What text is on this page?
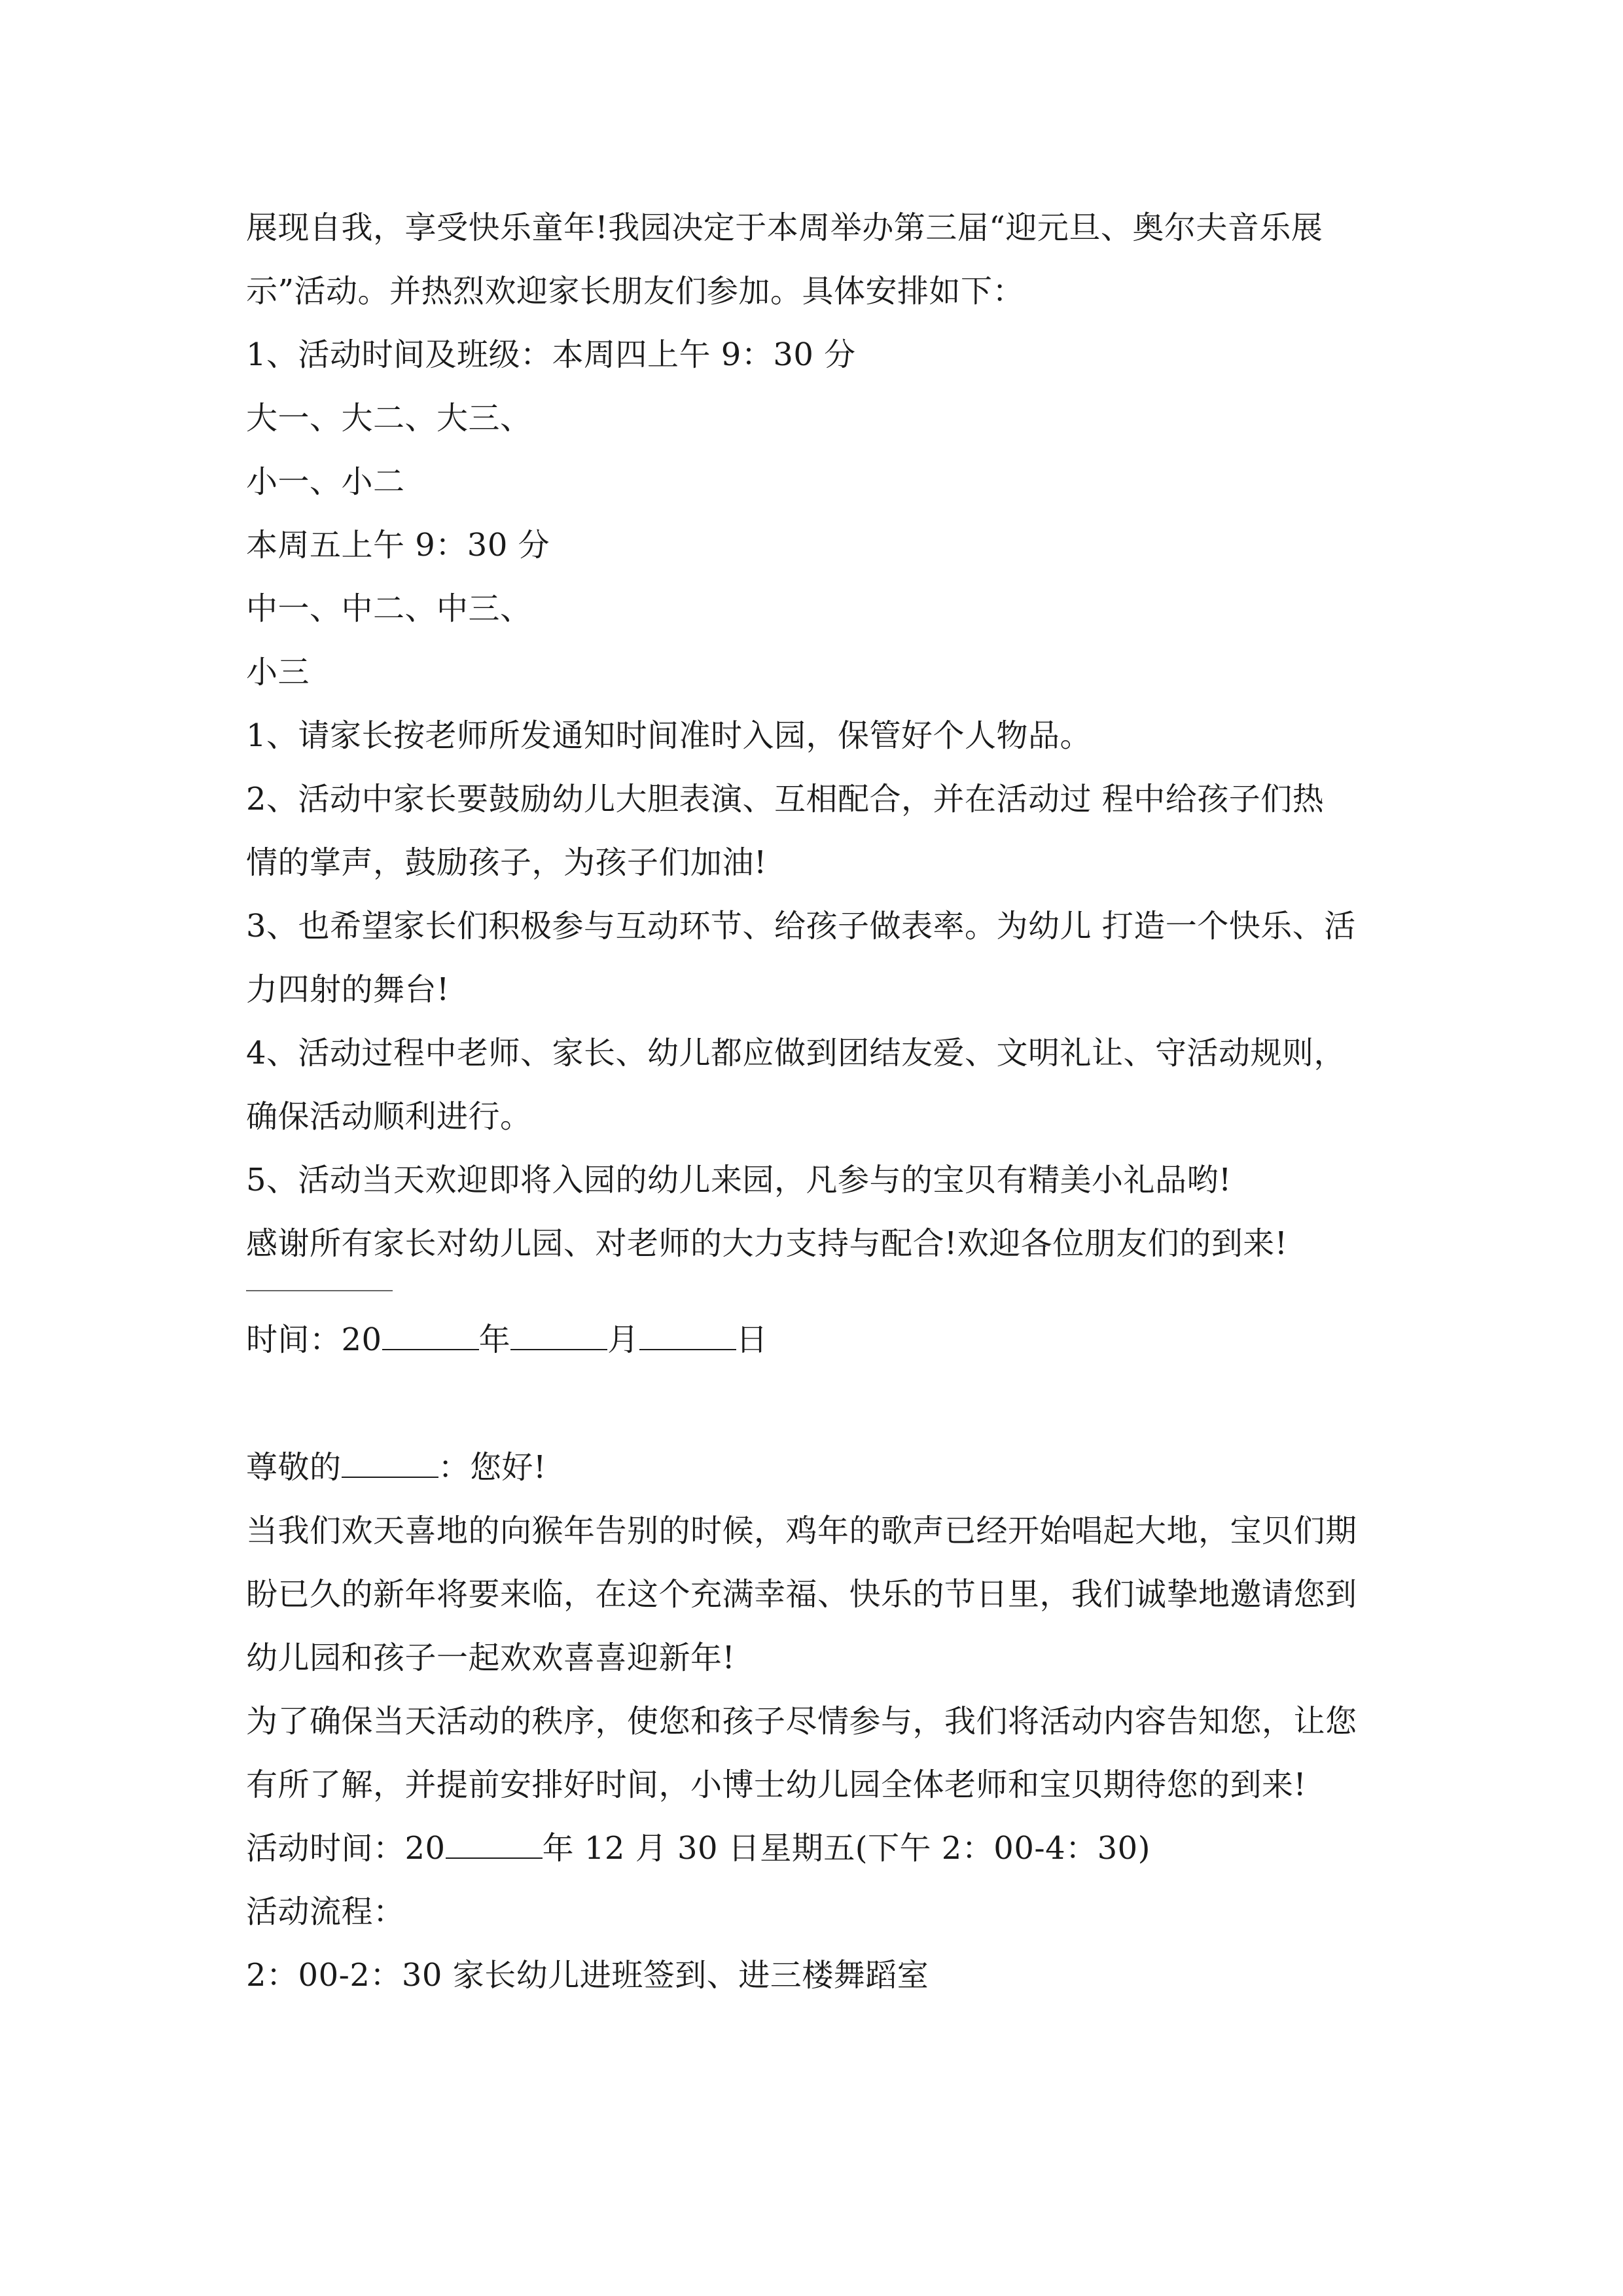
展现自我，享受快乐童年!我园决定于本周举办第三届“迎元旦、奥尔夫音乐展
示”活动。并热烈欢迎家长朋友们参加。具体安排如下：
1、活动时间及班级：本周四上午 9：30 分
大一、大二、大三、
小一、小二
本周五上午 9：30 分
中一、中二、中三、
小三
1、请家长按老师所发通知时间准时入园，保管好个人物品。
2、活动中家长要鼓励幼儿大胆表演、互相配合，并在活动过 程中给孩子们热
情的掌声，鼓励孩子，为孩子们加油!
3、也希望家长们积极参与互动环节、给孩子做表率。为幼儿 打造一个快乐、活
力四射的舞台!
4、活动过程中老师、家长、幼儿都应做到团结友爱、文明礼让、守活动规则，
确保活动顺利进行。
5、活动当天欢迎即将入园的幼儿来园，凡参与的宝贝有精美小礼品哟!
感谢所有家长对幼儿园、对老师的大力支持与配合!欢迎各位朋友们的到来!
时间：20	年	月	日
尊敬的	：您好!
当我们欢天喜地的向猴年告别的时候，鸡年的歌声已经开始唱起大地，宝贝们期
盼已久的新年将要来临，在这个充满幸福、快乐的节日里，我们诚挚地邀请您到
幼儿园和孩子一起欢欢喜喜迎新年!
为了确保当天活动的秩序，使您和孩子尽情参与，我们将活动内容告知您，让您
有所了解，并提前安排好时间，小博士幼儿园全体老师和宝贝期待您的到来!
活动时间：20	年 12 月 30 日星期五(下午 2：00-4：30)
活动流程：
2：00-2：30 家长幼儿进班签到、进三楼舞蹈室
